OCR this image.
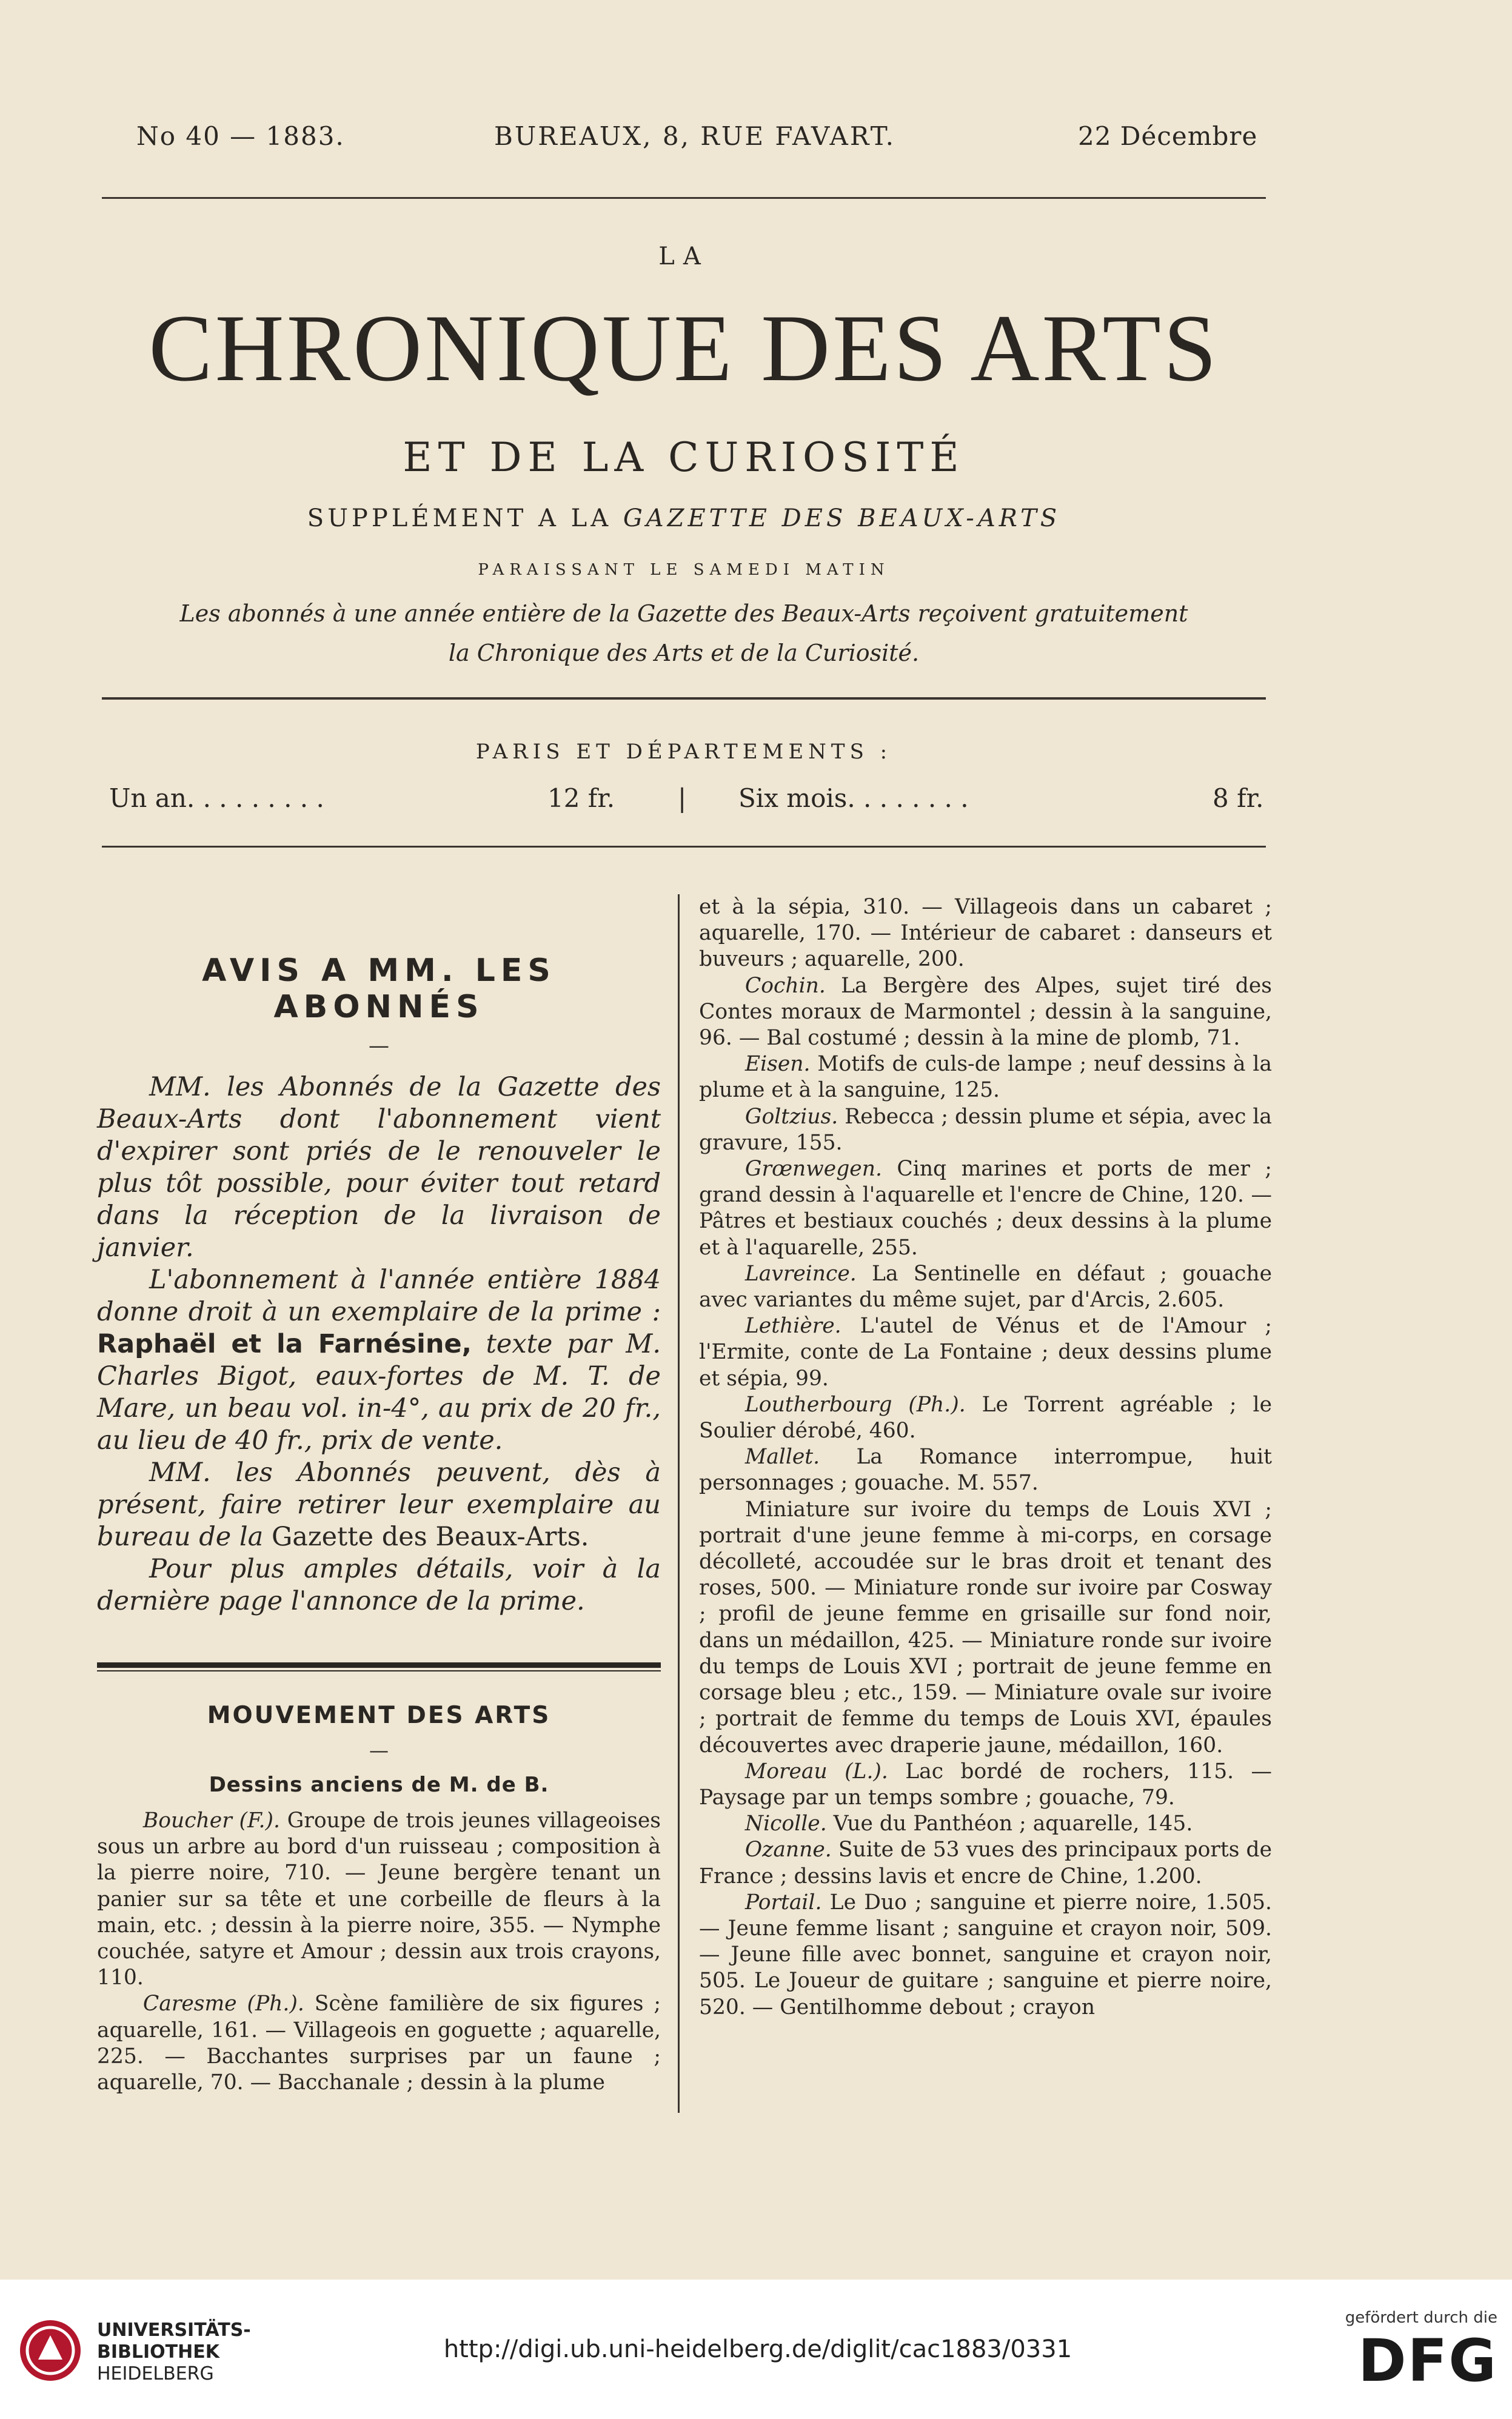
No 40 — 1883.	BUREAUX, 8, RUE FAVART.	22 Décembre
LA
CHRONIQUE DES ARTS
ET DE LA CURIOSITÉ
SUPPLÉMENT A LA GAZETTE DES BEAUX-ARTS
PARAISSANT LE SAMEDI MATIN
Les abonnés à une année entière de la Gazette des Beaux-Arts reçoivent gratuitement
la Chronique des Arts et de la Curiosité.
PARIS ET DÉPARTEMENTS :
Un an. . . . . . . . .	12 fr. | Six mois. . . . . . . .	8 fr.
AVIS A MM. LES ABONNÉS
—

MM. les Abonnés de la Gazette des Beaux-Arts dont l'abonnement vient d'expirer sont priés de le renouveler le plus tôt possible, pour éviter tout retard dans la réception de la livraison de janvier.

L'abonnement à l'année entière 1884 donne droit à un exemplaire de la prime : Raphaël et la Farnésine, texte par M. Charles Bigot, eaux-fortes de M. T. de Mare, un beau vol. in-4°, au prix de 20 fr., au lieu de 40 fr., prix de vente.

MM. les Abonnés peuvent, dès à présent, faire retirer leur exemplaire au bureau de la Gazette des Beaux-Arts.

Pour plus amples détails, voir à la dernière page l'annonce de la prime.

MOUVEMENT DES ARTS
—
Dessins anciens de M. de B.

Boucher (F.). Groupe de trois jeunes villageoises sous un arbre au bord d'un ruisseau ; composition à la pierre noire, 710. — Jeune bergère tenant un panier sur sa tête et une corbeille de fleurs à la main, etc. ; dessin à la pierre noire, 355. — Nymphe couchée, satyre et Amour ; dessin aux trois crayons, 110.

Caresme (Ph.). Scène familière de six figures ; aquarelle, 161. — Villageois en goguette ; aquarelle, 225. — Bacchantes surprises par un faune ; aquarelle, 70. — Bacchanale ; dessin à la plume

et à la sépia, 310. — Villageois dans un cabaret ; aquarelle, 170. — Intérieur de cabaret : danseurs et buveurs ; aquarelle, 200.

Cochin. La Bergère des Alpes, sujet tiré des Contes moraux de Marmontel ; dessin à la sanguine, 96. — Bal costumé ; dessin à la mine de plomb, 71.

Eisen. Motifs de culs-de lampe ; neuf dessins à la plume et à la sanguine, 125.

Goltzius. Rebecca ; dessin plume et sépia, avec la gravure, 155.

Grœnwegen. Cinq marines et ports de mer ; grand dessin à l'aquarelle et l'encre de Chine, 120. — Pâtres et bestiaux couchés ; deux dessins à la plume et à l'aquarelle, 255.

Lavreince. La Sentinelle en défaut ; gouache avec variantes du même sujet, par d'Arcis, 2.605.

Lethière. L'autel de Vénus et de l'Amour ; l'Ermite, conte de La Fontaine ; deux dessins plume et sépia, 99.

Loutherbourg (Ph.). Le Torrent agréable ; le Soulier dérobé, 460.

Mallet. La Romance interrompue, huit personnages ; gouache. M. 557.

Miniature sur ivoire du temps de Louis XVI ; portrait d'une jeune femme à mi-corps, en corsage décolleté, accoudée sur le bras droit et tenant des roses, 500. — Miniature ronde sur ivoire par Cosway ; profil de jeune femme en grisaille sur fond noir, dans un médaillon, 425. — Miniature ronde sur ivoire du temps de Louis XVI ; portrait de jeune femme en corsage bleu ; etc., 159. — Miniature ovale sur ivoire ; portrait de femme du temps de Louis XVI, épaules découvertes avec draperie jaune, médaillon, 160.

Moreau (L.). Lac bordé de rochers, 115. — Paysage par un temps sombre ; gouache, 79.

Nicolle. Vue du Panthéon ; aquarelle, 145.

Ozanne. Suite de 53 vues des principaux ports de France ; dessins lavis et encre de Chine, 1.200.

Portail. Le Duo ; sanguine et pierre noire, 1.505. — Jeune femme lisant ; sanguine et crayon noir, 509. — Jeune fille avec bonnet, sanguine et crayon noir, 505. Le Joueur de guitare ; sanguine et pierre noire, 520. — Gentilhomme debout ; crayon

UNIVERSITÄTS-
BIBLIOTHEK
HEIDELBERG
http://digi.ub.uni-heidelberg.de/diglit/cac1883/0331
gefördert durch die
DFG
